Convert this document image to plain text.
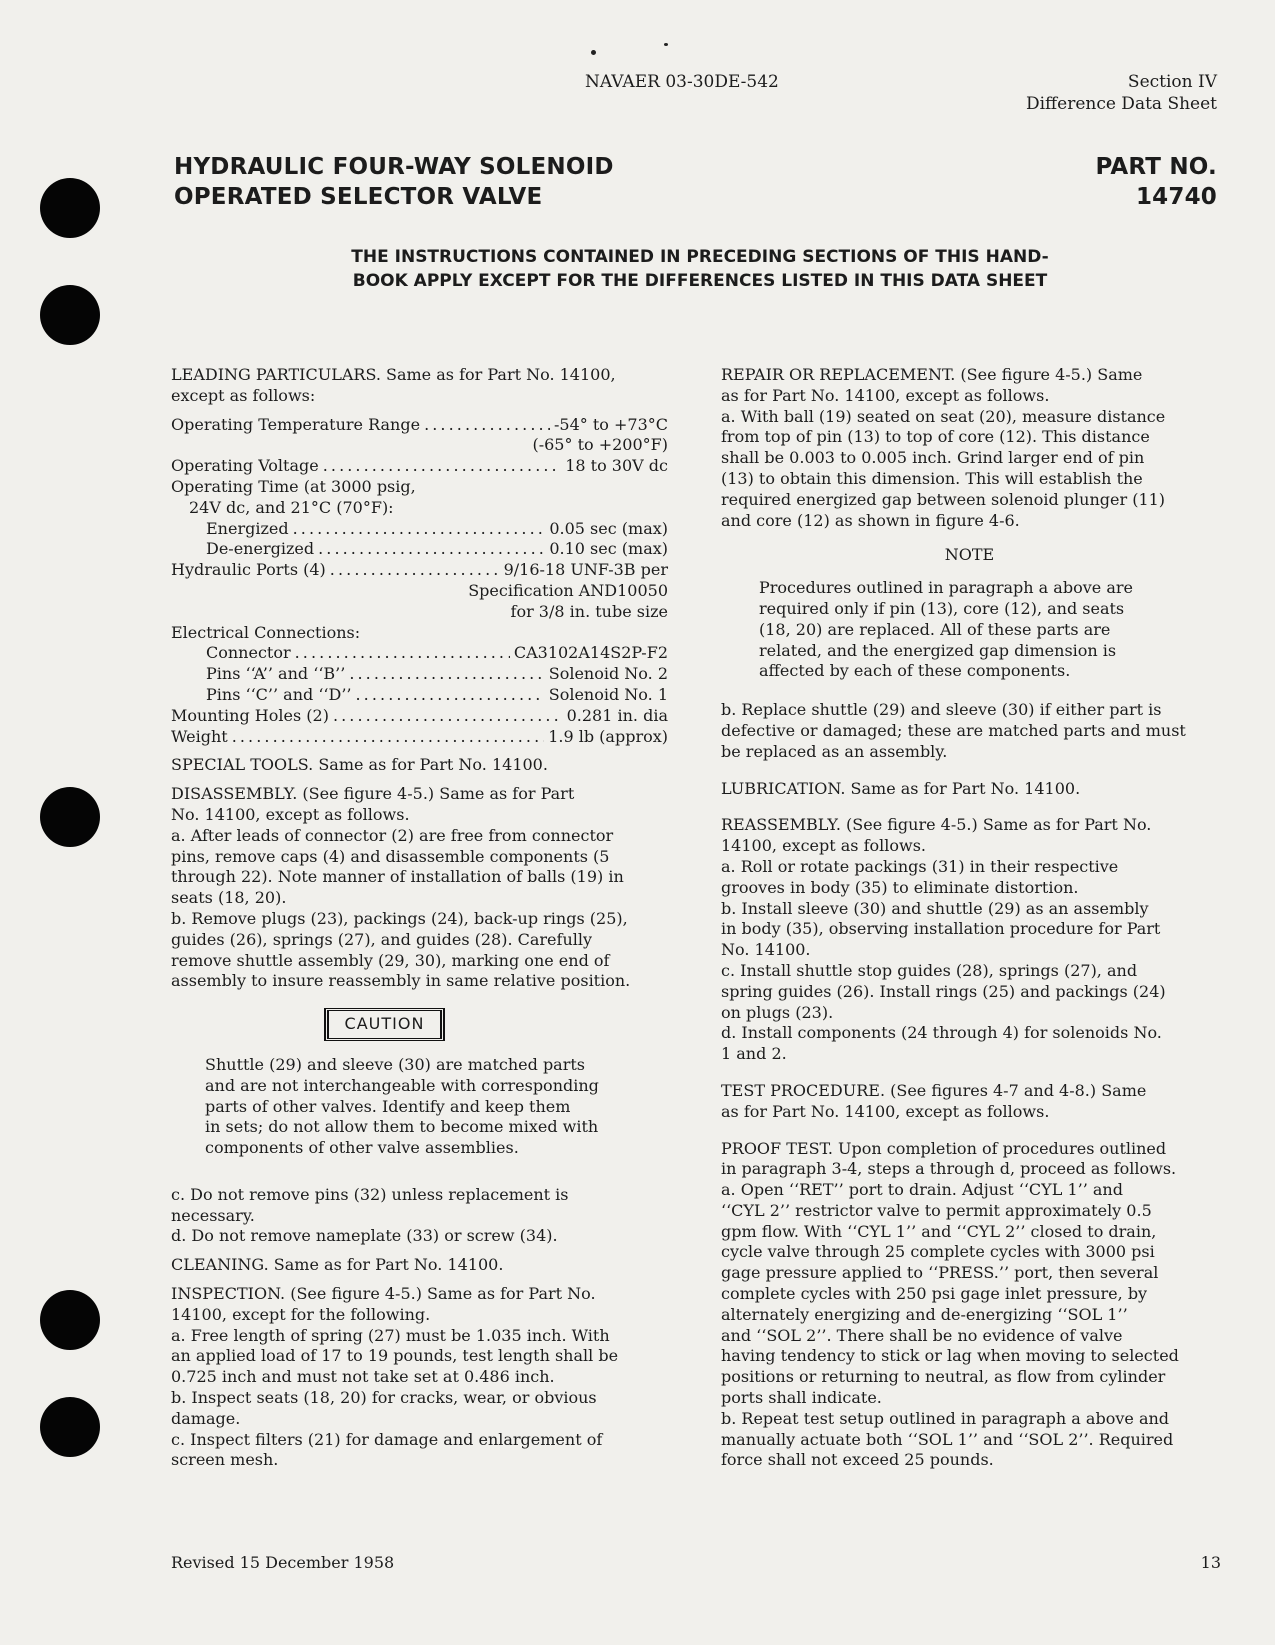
NAVAER 03-30DE-542	Section IV
Difference Data Sheet
HYDRAULIC FOUR-WAY SOLENOID
OPERATED SELECTOR VALVE
PART NO.
14740
THE INSTRUCTIONS CONTAINED IN PRECEDING SECTIONS OF THIS HAND-
BOOK APPLY EXCEPT FOR THE DIFFERENCES LISTED IN THIS DATA SHEET

LEADING PARTICULARS. Same as for Part No. 14100,

except as follows:

Operating Temperature Range . . .	-54° to +73°C
(-65° to +200°F)
Operating Voltage . . .	18 to 30V dc
Operating Time (at 3000 psig,
24V dc, and 21°C (70°F):
Energized . . .	0.05 sec (max)
De-energized . . .	0.10 sec (max)
Hydraulic Ports (4) . . .	9/16-18 UNF-3B per
Specification AND10050
for 3/8 in. tube size
Electrical Connections:
Connector . . .	CA3102A14S2P-F2
Pins ‘‘A’’ and ‘‘B’’ . . .	Solenoid No. 2
Pins ‘‘C’’ and ‘‘D’’ . . .	Solenoid No. 1
Mounting Holes (2) . . .	0.281 in. dia
Weight . . .	1.9 lb (approx)

SPECIAL TOOLS. Same as for Part No. 14100.

DISASSEMBLY. (See figure 4-5.) Same as for Part

No. 14100, except as follows.

a. After leads of connector (2) are free from connector

pins, remove caps (4) and disassemble components (5

through 22). Note manner of installation of balls (19) in

seats (18, 20).

b. Remove plugs (23), packings (24), back-up rings (25),

guides (26), springs (27), and guides (28). Carefully

remove shuttle assembly (29, 30), marking one end of

assembly to insure reassembly in same relative position.

CAUTION

Shuttle (29) and sleeve (30) are matched parts

and are not interchangeable with corresponding

parts of other valves. Identify and keep them

in sets; do not allow them to become mixed with

components of other valve assemblies.

c. Do not remove pins (32) unless replacement is

necessary.

d. Do not remove nameplate (33) or screw (34).

CLEANING. Same as for Part No. 14100.

INSPECTION. (See figure 4-5.) Same as for Part No.

14100, except for the following.

a. Free length of spring (27) must be 1.035 inch. With

an applied load of 17 to 19 pounds, test length shall be

0.725 inch and must not take set at 0.486 inch.

b. Inspect seats (18, 20) for cracks, wear, or obvious

damage.

c. Inspect filters (21) for damage and enlargement of

screen mesh.

REPAIR OR REPLACEMENT. (See figure 4-5.) Same

as for Part No. 14100, except as follows.

a. With ball (19) seated on seat (20), measure distance

from top of pin (13) to top of core (12). This distance

shall be 0.003 to 0.005 inch. Grind larger end of pin

(13) to obtain this dimension. This will establish the

required energized gap between solenoid plunger (11)

and core (12) as shown in figure 4-6.

NOTE

Procedures outlined in paragraph a above are

required only if pin (13), core (12), and seats

(18, 20) are replaced. All of these parts are

related, and the energized gap dimension is

affected by each of these components.

b. Replace shuttle (29) and sleeve (30) if either part is

defective or damaged; these are matched parts and must

be replaced as an assembly.

LUBRICATION. Same as for Part No. 14100.

REASSEMBLY. (See figure 4-5.) Same as for Part No.

14100, except as follows.

a. Roll or rotate packings (31) in their respective

grooves in body (35) to eliminate distortion.

b. Install sleeve (30) and shuttle (29) as an assembly

in body (35), observing installation procedure for Part

No. 14100.

c. Install shuttle stop guides (28), springs (27), and

spring guides (26). Install rings (25) and packings (24)

on plugs (23).

d. Install components (24 through 4) for solenoids No.

1 and 2.

TEST PROCEDURE. (See figures 4-7 and 4-8.) Same

as for Part No. 14100, except as follows.

PROOF TEST. Upon completion of procedures outlined

in paragraph 3-4, steps a through d, proceed as follows.

a. Open ‘‘RET’’ port to drain. Adjust ‘‘CYL 1’’ and

‘‘CYL 2’’ restrictor valve to permit approximately 0.5

gpm flow. With ‘‘CYL 1’’ and ‘‘CYL 2’’ closed to drain,

cycle valve through 25 complete cycles with 3000 psi

gage pressure applied to ‘‘PRESS.’’ port, then several

complete cycles with 250 psi gage inlet pressure, by

alternately energizing and de-energizing ‘‘SOL 1’’

and ‘‘SOL 2’’. There shall be no evidence of valve

having tendency to stick or lag when moving to selected

positions or returning to neutral, as flow from cylinder

ports shall indicate.

b. Repeat test setup outlined in paragraph a above and

manually actuate both ‘‘SOL 1’’ and ‘‘SOL 2’’. Required

force shall not exceed 25 pounds.

Revised 15 December 1958	13
